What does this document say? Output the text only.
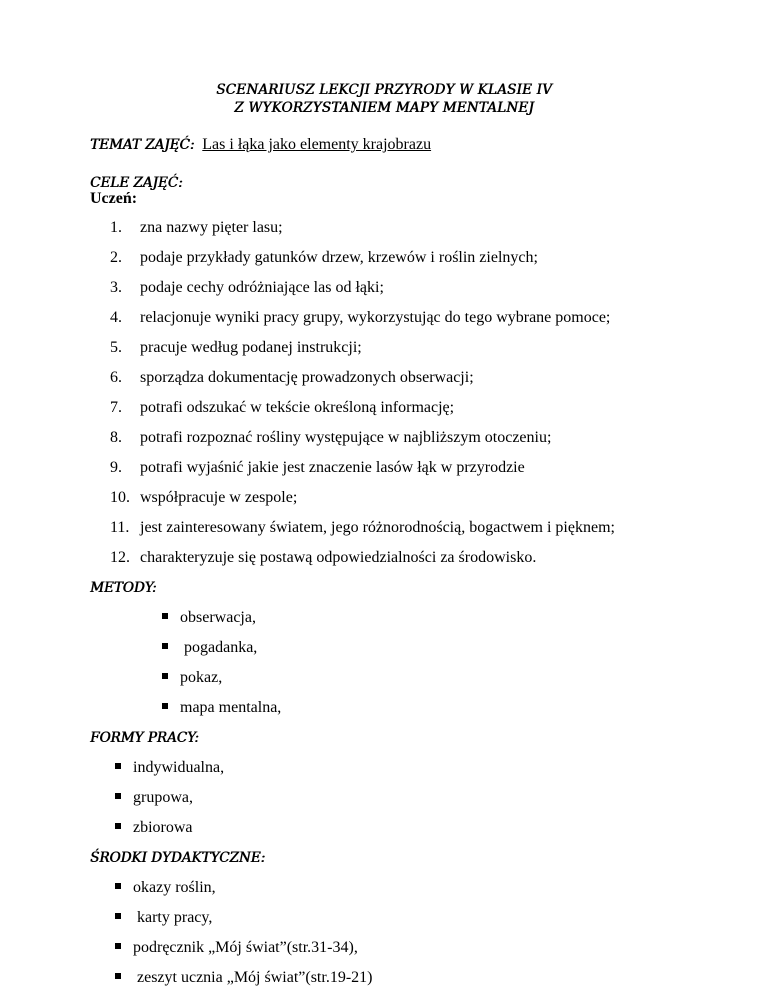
SCENARIUSZ LEKCJI PRZYRODY W KLASIE IV
Z WYKORZYSTANIEM MAPY MENTALNEJ
TEMAT ZAJĘĆ: Las i łąka jako elementy krajobrazu
CELE ZAJĘĆ:
Uczeń:
1. zna nazwy pięter lasu;
2. podaje przykłady gatunków drzew, krzewów i roślin zielnych;
3. podaje cechy odróżniające las od łąki;
4. relacjonuje wyniki pracy grupy, wykorzystując do tego wybrane pomoce;
5. pracuje według podanej instrukcji;
6. sporządza dokumentację prowadzonych obserwacji;
7. potrafi odszukać w tekście określoną informację;
8. potrafi rozpoznać rośliny występujące w najbliższym otoczeniu;
9. potrafi wyjaśnić jakie jest znaczenie lasów łąk w przyrodzie
10. współpracuje w zespole;
11. jest zainteresowany światem, jego różnorodnością, bogactwem i pięknem;
12. charakteryzuje się postawą odpowiedzialności za środowisko.
METODY:
obserwacja,
pogadanka,
pokaz,
mapa mentalna,
FORMY PRACY:
indywidualna,
grupowa,
zbiorowa
ŚRODKI DYDAKTYCZNE:
okazy roślin,
karty pracy,
podręcznik „Mój świat”(str.31-34),
zeszyt ucznia „Mój świat”(str.19-21)
